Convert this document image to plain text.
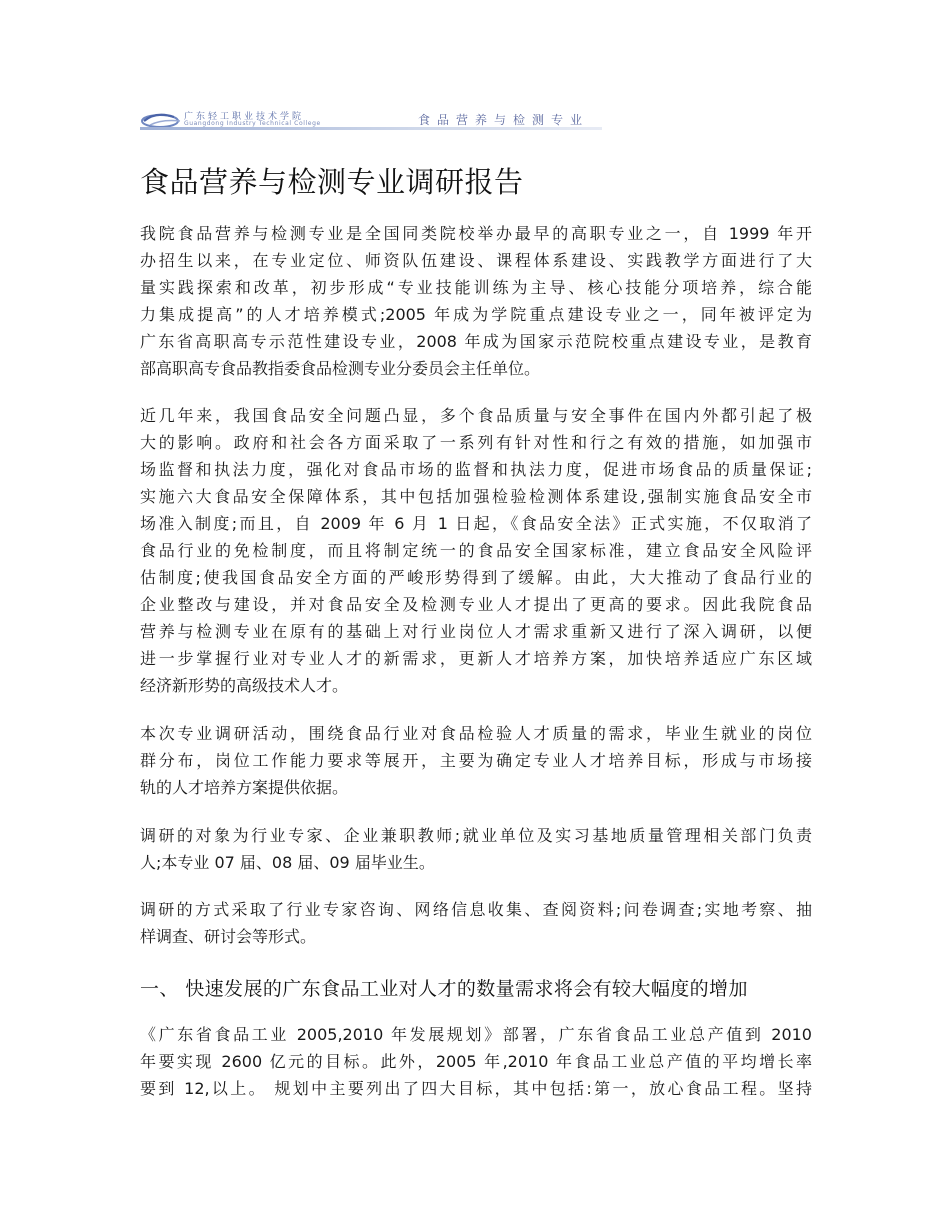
广东轻工职业技术学院
Guangdong Industry Technical College	食品营养与检测专业
食品营养与检测专业调研报告

我院食品营养与检测专业是全国同类院校举办最早的高职专业之一，自 1999 年开
办招生以来，在专业定位、师资队伍建设、课程体系建设、实践教学方面进行了大
量实践探索和改革，初步形成“专业技能训练为主导、核心技能分项培养，综合能
力集成提高”的人才培养模式;2005 年成为学院重点建设专业之一，同年被评定为
广东省高职高专示范性建设专业，2008 年成为国家示范院校重点建设专业，是教育
部高职高专食品教指委食品检测专业分委员会主任单位。

近几年来，我国食品安全问题凸显，多个食品质量与安全事件在国内外都引起了极
大的影响。政府和社会各方面采取了一系列有针对性和行之有效的措施，如加强市
场监督和执法力度，强化对食品市场的监督和执法力度，促进市场食品的质量保证;
实施六大食品安全保障体系，其中包括加强检验检测体系建设,强制实施食品安全市
场准入制度;而且，自 2009 年 6 月 1 日起，《食品安全法》正式实施，不仅取消了
食品行业的免检制度，而且将制定统一的食品安全国家标准，建立食品安全风险评
估制度;使我国食品安全方面的严峻形势得到了缓解。由此，大大推动了食品行业的
企业整改与建设，并对食品安全及检测专业人才提出了更高的要求。因此我院食品
营养与检测专业在原有的基础上对行业岗位人才需求重新又进行了深入调研，以便
进一步掌握行业对专业人才的新需求，更新人才培养方案，加快培养适应广东区域
经济新形势的高级技术人才。

本次专业调研活动，围绕食品行业对食品检验人才质量的需求，毕业生就业的岗位
群分布，岗位工作能力要求等展开，主要为确定专业人才培养目标，形成与市场接
轨的人才培养方案提供依据。

调研的对象为行业专家、企业兼职教师;就业单位及实习基地质量管理相关部门负责
人;本专业 07 届、08 届、09 届毕业生。

调研的方式采取了行业专家咨询、网络信息收集、查阅资料;问卷调查;实地考察、抽
样调查、研讨会等形式。

一、 快速发展的广东食品工业对人才的数量需求将会有较大幅度的增加

《广东省食品工业 2005,2010 年发展规划》部署，广东省食品工业总产值到 2010
年要实现 2600 亿元的目标。此外，2005 年,2010 年食品工业总产值的平均增长率
要到 12,以上。 规划中主要列出了四大目标，其中包括:第一，放心食品工程。坚持
